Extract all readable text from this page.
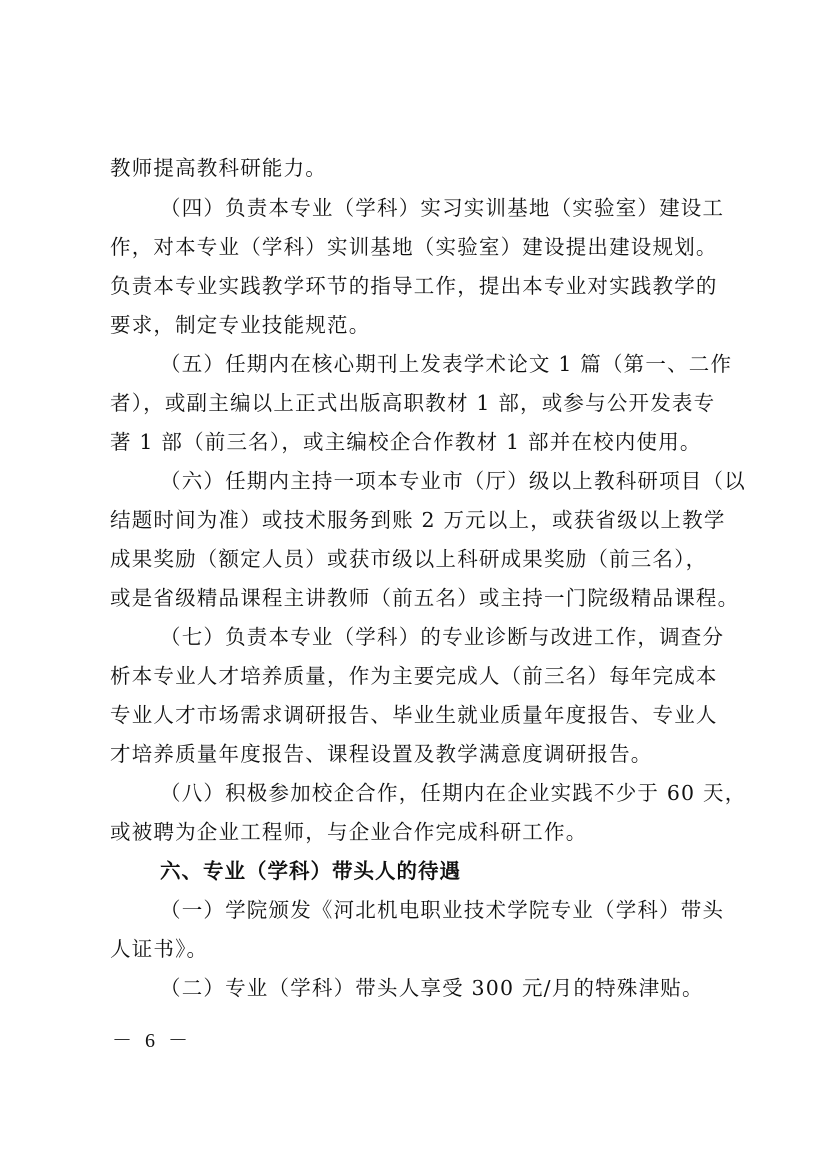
教师提高教科研能力。
（四）负责本专业（学科）实习实训基地（实验室）建设工
作，对本专业（学科）实训基地（实验室）建设提出建设规划。
负责本专业实践教学环节的指导工作，提出本专业对实践教学的
要求，制定专业技能规范。
（五）任期内在核心期刊上发表学术论文 1 篇（第一、二作
者），或副主编以上正式出版高职教材 1 部，或参与公开发表专
著 1 部（前三名），或主编校企合作教材 1 部并在校内使用。
（六）任期内主持一项本专业市（厅）级以上教科研项目（以
结题时间为准）或技术服务到账 2 万元以上，或获省级以上教学
成果奖励（额定人员）或获市级以上科研成果奖励（前三名），
或是省级精品课程主讲教师（前五名）或主持一门院级精品课程。
（七）负责本专业（学科）的专业诊断与改进工作，调查分
析本专业人才培养质量，作为主要完成人（前三名）每年完成本
专业人才市场需求调研报告、毕业生就业质量年度报告、专业人
才培养质量年度报告、课程设置及教学满意度调研报告。
（八）积极参加校企合作，任期内在企业实践不少于 60 天，
或被聘为企业工程师，与企业合作完成科研工作。
六、专业（学科）带头人的待遇
（一）学院颁发《河北机电职业技术学院专业（学科）带头
人证书》。
（二）专业（学科）带头人享受 300 元/月的特殊津贴。
－ 6 －
